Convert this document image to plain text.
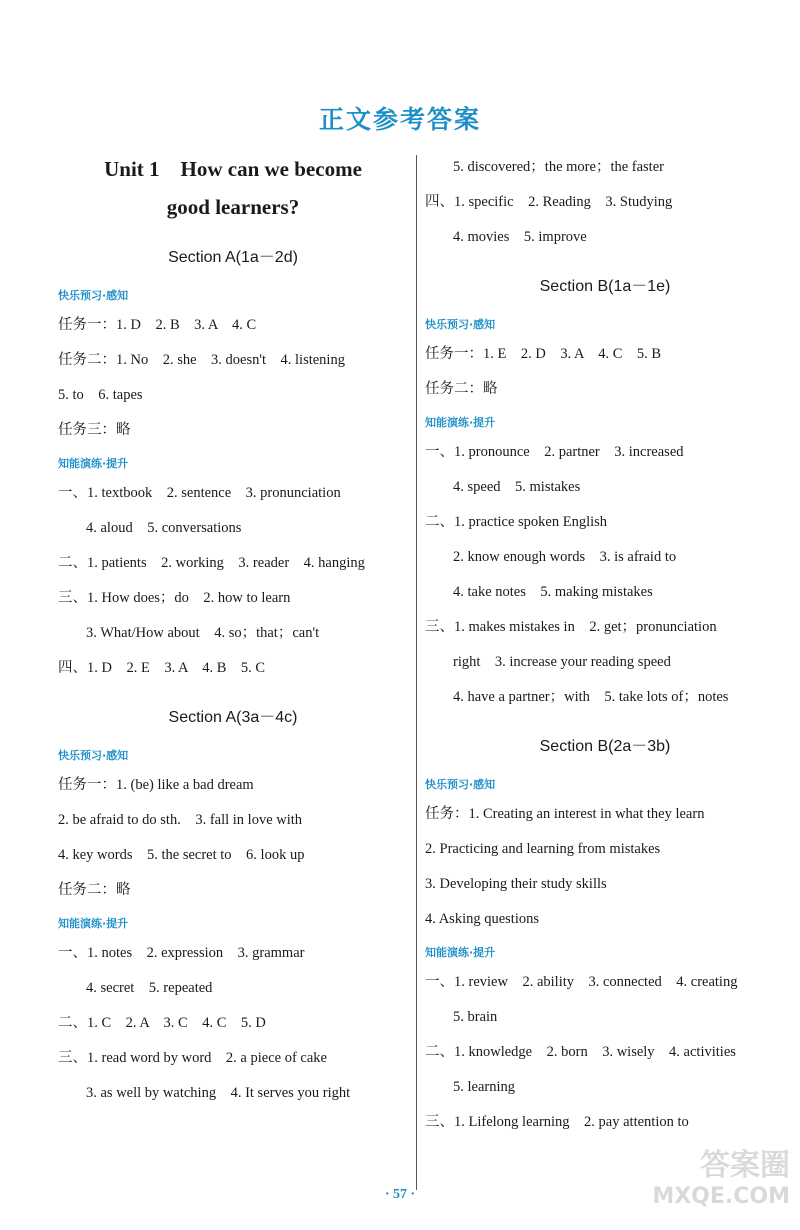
正文参考答案
Unit 1　How can we become
good learners?
Section A(1a－2d)
快乐预习·感知
任务一：1. D　2. B　3. A　4. C
任务二：1. No　2. she　3. doesn't　4. listening
5. to　6. tapes
任务三：略
知能演练·提升
一、1. textbook　2. sentence　3. pronunciation
4. aloud　5. conversations
二、1. patients　2. working　3. reader　4. hanging
三、1. How does；do　2. how to learn
3. What/How about　4. so；that；can't
四、1. D　2. E　3. A　4. B　5. C
Section A(3a－4c)
快乐预习·感知
任务一：1. (be) like a bad dream
2. be afraid to do sth.　3. fall in love with
4. key words　5. the secret to　6. look up
任务二：略
知能演练·提升
一、1. notes　2. expression　3. grammar
4. secret　5. repeated
二、1. C　2. A　3. C　4. C　5. D
三、1. read word by word　2. a piece of cake
3. as well by watching　4. It serves you right
5. discovered；the more；the faster
四、1. specific　2. Reading　3. Studying
4. movies　5. improve
Section B(1a－1e)
快乐预习·感知
任务一：1. E　2. D　3. A　4. C　5. B
任务二：略
知能演练·提升
一、1. pronounce　2. partner　3. increased
4. speed　5. mistakes
二、1. practice spoken English
2. know enough words　3. is afraid to
4. take notes　5. making mistakes
三、1. makes mistakes in　2. get；pronunciation
right　3. increase your reading speed
4. have a partner；with　5. take lots of；notes
Section B(2a－3b)
快乐预习·感知
任务：1. Creating an interest in what they learn
2. Practicing and learning from mistakes
3. Developing their study skills
4. Asking questions
知能演练·提升
一、1. review　2. ability　3. connected　4. creating
5. brain
二、1. knowledge　2. born　3. wisely　4. activities
5. learning
三、1. Lifelong learning　2. pay attention to
答案圈
MXQE.COM
· 57 ·
